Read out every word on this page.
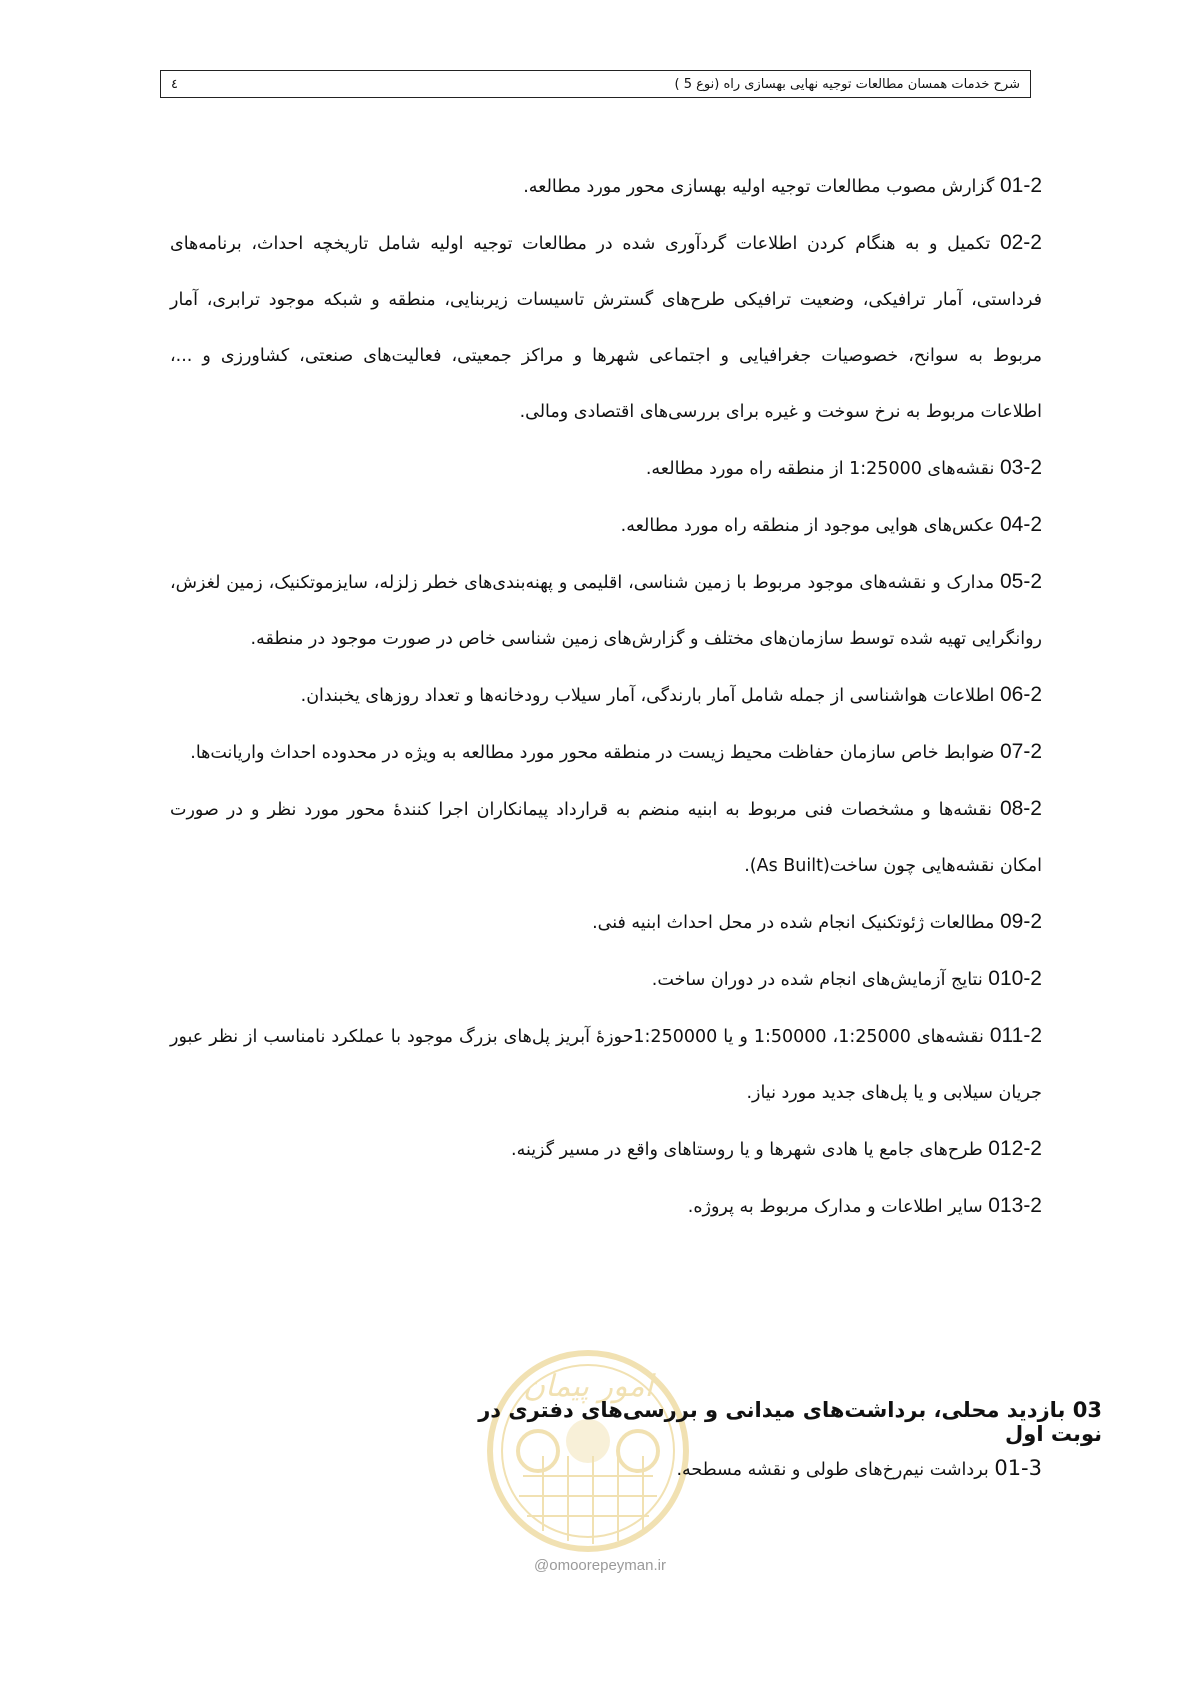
٤	شرح خدمات همسان مطالعات توجیه نهایی بهسازی راه (نوع 5 )

01-2 گزارش مصوب مطالعات توجیه اولیه بهسازی محور مورد مطالعه.

02-2 تکمیل و به هنگام کردن اطلاعات گردآوری شده در مطالعات توجیه اولیه شامل تاریخچه احداث، برنامه‌های فرداستی، آمار ترافیکی، وضعیت ترافیکی طرح‌های گسترش تاسیسات زیربنایی، منطقه و شبکه موجود ترابری، آمار مربوط به سوانح، خصوصیات جغرافیایی و اجتماعی شهرها و مراکز جمعیتی، فعالیت‌های صنعتی، کشاورزی و ...، اطلاعات مربوط به نرخ سوخت و غیره برای بررسی‌های اقتصادی ومالی.

03-2 نقشه‌های 1:25000 از منطقه راه مورد مطالعه.

04-2 عکس‌های هوایی موجود از منطقه راه مورد مطالعه.

05-2 مدارک و نقشه‌های موجود مربوط با زمین شناسی، اقلیمی و پهنه‌بندی‌های خطر زلزله، سایزموتکنیک، زمین لغزش، روانگرایی تهیه شده توسط سازمان‌های مختلف و گزارش‌های زمین شناسی خاص در صورت موجود در منطقه.

06-2 اطلاعات هواشناسی از جمله شامل آمار بارندگی، آمار سیلاب رودخانه‌ها و تعداد روزهای یخبندان.

07-2 ضوابط خاص سازمان حفاظت محیط زیست در منطقه محور مورد مطالعه به ویژه در محدوده احداث واریانت‌ها.

08-2 نقشه‌ها و مشخصات فنی مربوط به ابنیه منضم به قرارداد پیمانکاران اجرا کنندۀ محور مورد نظر و در صورت امکان نقشه‌هایی چون ساخت(As Built).

09-2 مطالعات ژئوتکنیک انجام شده در محل احداث ابنیه فنی.

010-2 نتایج آزمایش‌های انجام شده در دوران ساخت.

011-2 نقشه‌های 1:25000، 1:50000 و یا 1:250000حوزۀ آبریز پل‌های بزرگ موجود با عملکرد نامناسب از نظر عبور جریان سیلابی و یا پل‌های جدید مورد نیاز.

012-2 طرح‌های جامع یا هادی شهرها و یا روستاهای واقع در مسیر گزینه.

013-2 سایر اطلاعات و مدارک مربوط به پروژه.

امور پیمان
@omoorepeyman.ir
03 بازدید محلی، برداشت‌های میدانی و بررسی‌های دفتری در نوبت اول
01-3 برداشت نیم‌رخ‌های طولی و نقشه مسطحه.
